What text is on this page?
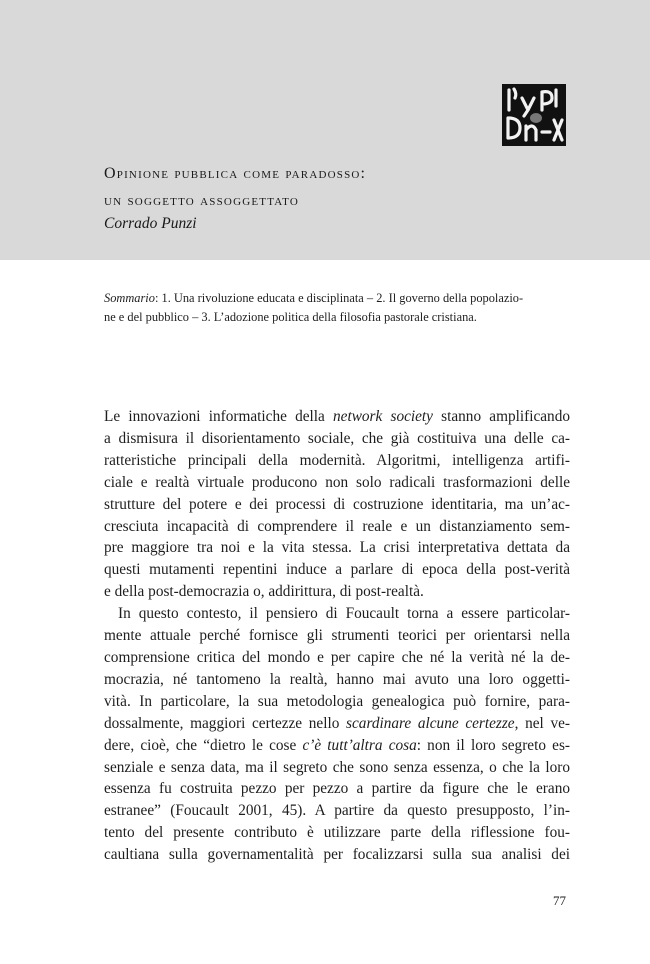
Opinione pubblica come paradosso:
un soggetto assoggettato
Corrado Punzi
Sommario: 1. Una rivoluzione educata e disciplinata – 2. Il governo della popolazio-
ne e del pubblico – 3. L’adozione politica della filosofia pastorale cristiana.
Le innovazioni informatiche della network society stanno amplificando
a dismisura il disorientamento sociale, che già costituiva una delle ca-
ratteristiche principali della modernità. Algoritmi, intelligenza artifi-
ciale e realtà virtuale producono non solo radicali trasformazioni delle
strutture del potere e dei processi di costruzione identitaria, ma un’ac-
cresciuta incapacità di comprendere il reale e un distanziamento sem-
pre maggiore tra noi e la vita stessa. La crisi interpretativa dettata da
questi mutamenti repentini induce a parlare di epoca della post-verità
e della post-democrazia o, addirittura, di post-realtà.
In questo contesto, il pensiero di Foucault torna a essere particolar-
mente attuale perché fornisce gli strumenti teorici per orientarsi nella
comprensione critica del mondo e per capire che né la verità né la de-
mocrazia, né tantomeno la realtà, hanno mai avuto una loro oggetti-
vità. In particolare, la sua metodologia genealogica può fornire, para-
dossalmente, maggiori certezze nello scardinare alcune certezze, nel ve-
dere, cioè, che “dietro le cose c’è tutt’altra cosa: non il loro segreto es-
senziale e senza data, ma il segreto che sono senza essenza, o che la loro
essenza fu costruita pezzo per pezzo a partire da figure che le erano
estranee” (Foucault 2001, 45). A partire da questo presupposto, l’in-
tento del presente contributo è utilizzare parte della riflessione fou-
caultiana sulla governamentalità per focalizzarsi sulla sua analisi dei
77
